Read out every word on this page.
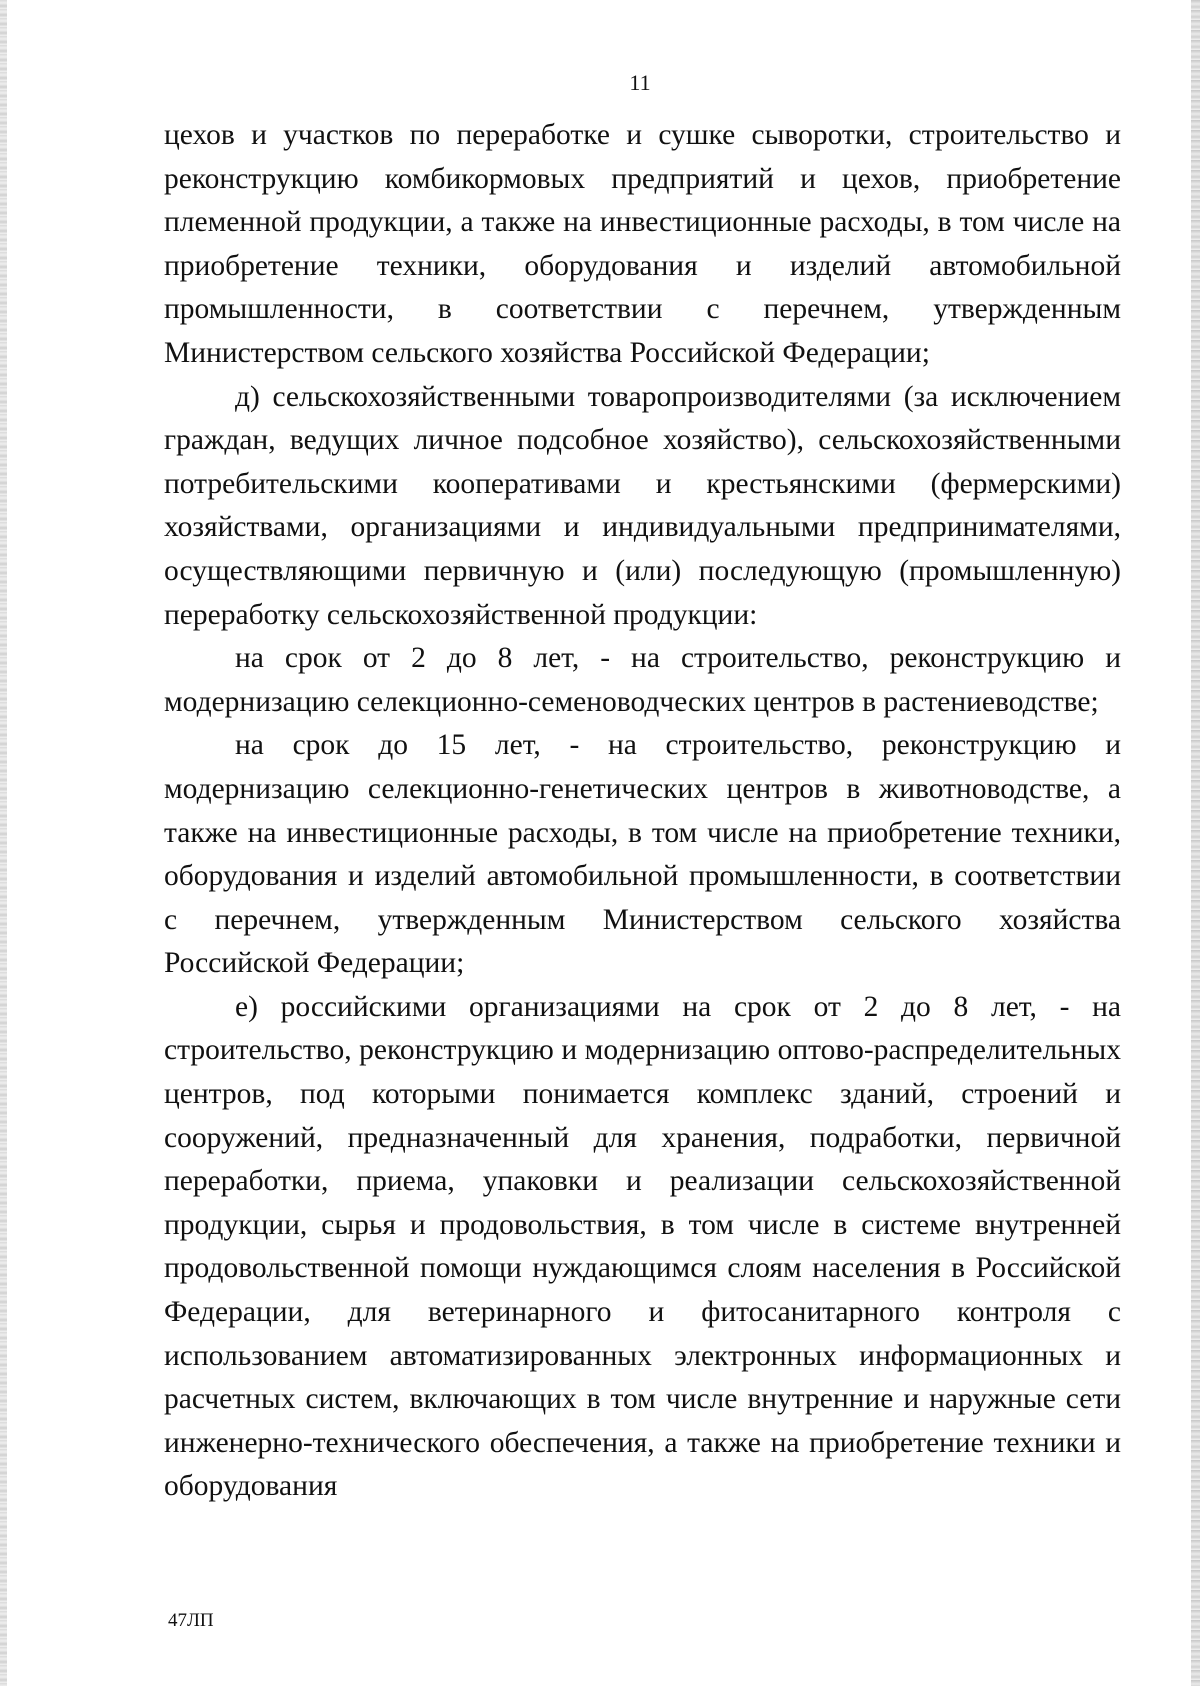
11

цехов и участков по переработке и сушке сыворотки, строительство и реконструкцию комбикормовых предприятий и цехов, приобретение племенной продукции, а также на инвестиционные расходы, в том числе на приобретение техники, оборудования и изделий автомобильной промышленности, в соответствии с перечнем, утвержденным Министерством сельского хозяйства Российской Федерации;

д) сельскохозяйственными товаропроизводителями (за исключением граждан, ведущих личное подсобное хозяйство), сельскохозяйственными потребительскими кооперативами и крестьянскими (фермерскими) хозяйствами, организациями и индивидуальными предпринимателями, осуществляющими первичную и (или) последующую (промышленную) переработку сельскохозяйственной продукции:

на срок от 2 до 8 лет, - на строительство, реконструкцию и модернизацию селекционно-семеноводческих центров в растениеводстве;

на срок до 15 лет, - на строительство, реконструкцию и модернизацию селекционно-генетических центров в животноводстве, а также на инвестиционные расходы, в том числе на приобретение техники, оборудования и изделий автомобильной промышленности, в соответствии с перечнем, утвержденным Министерством сельского хозяйства Российской Федерации;

е) российскими организациями на срок от 2 до 8 лет, - на строительство, реконструкцию и модернизацию оптово-распределительных центров, под которыми понимается комплекс зданий, строений и сооружений, предназначенный для хранения, подработки, первичной переработки, приема, упаковки и реализации сельскохозяйственной продукции, сырья и продовольствия, в том числе в системе внутренней продовольственной помощи нуждающимся слоям населения в Российской Федерации, для ветеринарного и фитосанитарного контроля с использованием автоматизированных электронных информационных и расчетных систем, включающих в том числе внутренние и наружные сети инженерно-технического обеспечения, а также на приобретение техники и оборудования

47ЛП
